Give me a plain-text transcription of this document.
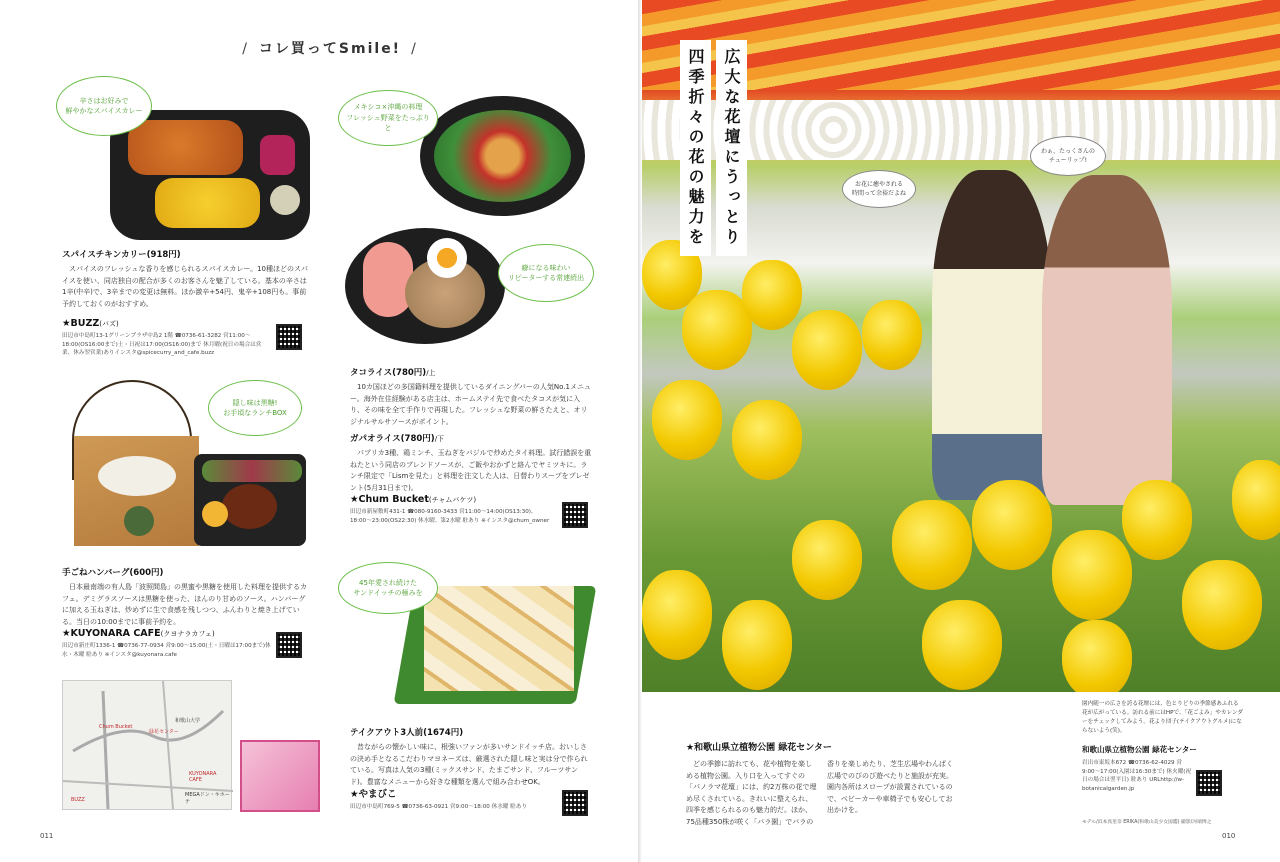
/ コレ買ってSmile! /
辛さはお好みで
鮮やかなスパイスカレー	メキシコ×沖縄の料理
フレッシュ野菜をたっぷりと
癖になる味わい
リピーターする常連続出
スパイスチキンカリー(918円)
スパイスのフレッシュな香りを感じられるスパイスカレー。10種ほどのスパイスを使い、同店独自の配合が多くのお客さんを魅了している。基本の辛さは1辛(中辛)で、3辛までの変更は無料。ほか激辛+54円、鬼辛+108円も。事前予約しておくのがおすすめ。
★BUZZ(バズ)
田辺市中島町13-1グリーンプラザ中島2 1階 ☎0736-61-3282 営11:00〜18:00(OS16:00まで)土・日祝は17:00(OS16:00)まで 休月曜(祝日の場合は営業、休み翌営業)ありインスタ@spicecurry_and_cafe.buzz
タコライス(780円)/上
10カ国ほどの多国籍料理を提供しているダイニングバーの人気No.1メニュー。海外在住経験がある店主は、ホームステイ先で食べたタコスが気に入り、その味を全て手作りで再現した。フレッシュな野菜の鮮さたえと、オリジナルサルサソースがポイント。
ガパオライス(780円)/下
パプリカ3種、鶏ミンチ、玉ねぎをバジルで炒めたタイ料理。試行錯誤を重ねたという同店のブレンドソースが、ご飯やおかずと絡んでヤミツキに。ランチ限定で「Lismを見た」と料理を注文した人は、日替わりスープをプレゼント(5月31日まで)。
★Chum Bucket(チャムバケツ)
田辺市新屋敷町431-1 ☎080-9160-3433 営11:00〜14:00(OS13:30)、18:00〜23:00(OS22:30) 休水曜、第2水曜 駐あり ※インスタ@chum_owner
隠し味は黒糖!
お手頃なランチBOX
手ごねハンバーグ(600円)
日本最南端の有人島「波照間島」の黒蜜や黒糖を使用した料理を提供するカフェ。デミグラスソースは黒糖を使った、ほんのり甘めのソース。ハンバーグに加える玉ねぎは、炒めずに生で食感を残しつつ、ふんわりと焼き上げている。当日の10:00までに事前予約を。
★KUYONARA CAFE(クヨナラカフェ)
田辺市新庄町1336-1 ☎0736-77-0934 営9:00〜15:00(土・日曜は17:00まで)休水・木曜 駐あり ※インスタ@kuyonara.cafe
45年愛され続けた
サンドイッチの極みを
テイクアウト3人前(1674円)
昔ながらの懐かしい味に、根強いファンが多いサンドイッチ店。おいしさの決め手となるこだわりマヨネーズは、厳選された隠し味と実は分で作られている。写真は人気の3種(ミックスサンド、たまごサンド、フルーツサンド)。豊富なメニューから好きな種類を選んで組み合わせOK。
★やまびこ
田辺市中島町769-5 ☎0736-63-0921 営9:00〜18:00 休水曜 駐あり
Chum Bucket
緑花センター
BUZZ
KUYONARA CAFE
和歌山大学
MEGAドン・キホーテ
011
広大な花壇にうっとり
四季折々の花の魅力を	わぁ、たっくさんの
チューリップ!
お花に癒やされる
時間って余裕だよね
★和歌山県立植物公園 緑花センター
どの季節に訪れても、花や植物を楽しめる植物公園。入り口を入ってすぐの「パノラマ花壇」には、約2万株の花で埋め尽くされている。きれいに整えられ、四季を感じられるのも魅力的だ。ほか、75品種350株が咲く「バラ園」でバラの香りを楽しめたり、芝生広場やわんぱく広場でのびのび遊べたりと施設が充実。園内各所はスロープが設置されているので、ベビーカーや車椅子でも安心してお出かけを。
園内随一の広さを誇る花壇には、色とりどりの季節感あふれる花が広がっている。訪れる前にはHPで、「花ごよみ」やカレンダーをチェックしてみよう。花より団子(テイクアウトグルメ)にならないよう(笑)。
和歌山県立植物公園 緑花センター
岩出市東坂本672 ☎0736-62-4029 営9:00〜17:00(入園は16:30まで) 休火曜(祝日の場合は翌平日) 駐あり URLhttp://w-botanicalgarden.jp
モデル/浜本真里奈 ERIKA(和歌山美少女図鑑) 撮影/河端博之
010
